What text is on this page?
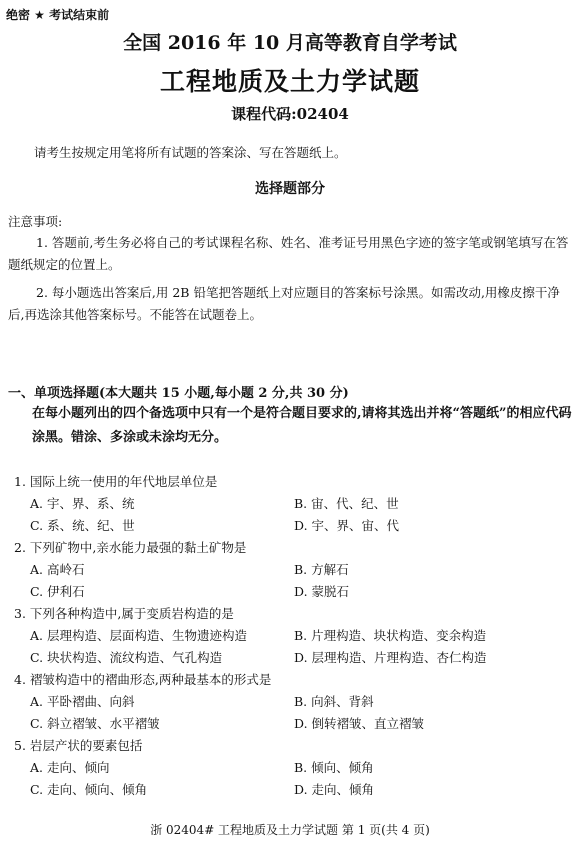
绝密 ★ 考试结束前
全国 2016 年 10 月高等教育自学考试
工程地质及土力学试题
课程代码:02404
请考生按规定用笔将所有试题的答案涂、写在答题纸上。
选择题部分
注意事项:
1. 答题前,考生务必将自己的考试课程名称、姓名、准考证号用黑色字迹的签字笔或钢笔填写在答题纸规定的位置上。
2. 每小题选出答案后,用 2B 铅笔把答题纸上对应题目的答案标号涂黑。如需改动,用橡皮擦干净后,再选涂其他答案标号。不能答在试题卷上。
一、单项选择题(本大题共 15 小题,每小题 2 分,共 30 分)
在每小题列出的四个备选项中只有一个是符合题目要求的,请将其选出并将“答题纸”的相应代码涂黑。错涂、多涂或未涂均无分。
1. 国际上统一使用的年代地层单位是
A. 宇、界、系、统	B. 宙、代、纪、世
C. 系、统、纪、世	D. 宇、界、宙、代
2. 下列矿物中,亲水能力最强的黏土矿物是
A. 高岭石	B. 方解石
C. 伊利石	D. 蒙脱石
3. 下列各种构造中,属于变质岩构造的是
A. 层理构造、层面构造、生物遗迹构造	B. 片理构造、块状构造、变余构造
C. 块状构造、流纹构造、气孔构造	D. 层理构造、片理构造、杏仁构造
4. 褶皱构造中的褶曲形态,两种最基本的形式是
A. 平卧褶曲、向斜	B. 向斜、背斜
C. 斜立褶皱、水平褶皱	D. 倒转褶皱、直立褶皱
5. 岩层产状的要素包括
A. 走向、倾向	B. 倾向、倾角
C. 走向、倾向、倾角	D. 走向、倾角
浙 02404# 工程地质及土力学试题 第 1 页(共 4 页)
